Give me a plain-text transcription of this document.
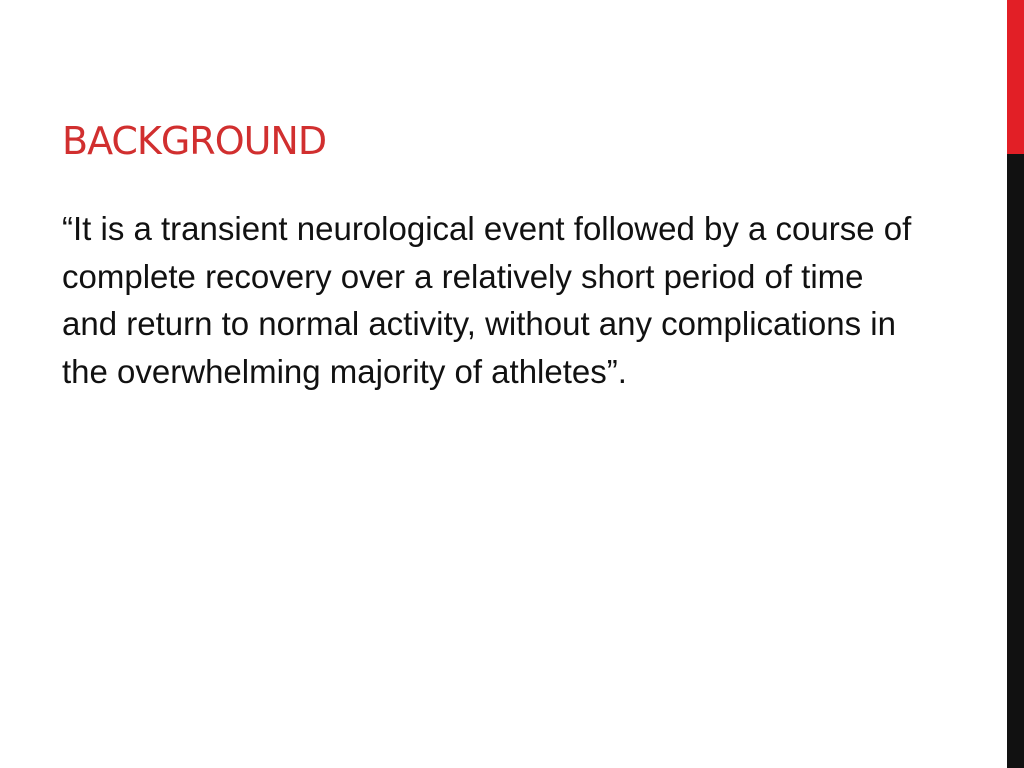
BACKGROUND

“It is a transient neurological event followed by a course of complete recovery over a relatively short period of time and return to normal activity, without any complications in the overwhelming majority of athletes”.
